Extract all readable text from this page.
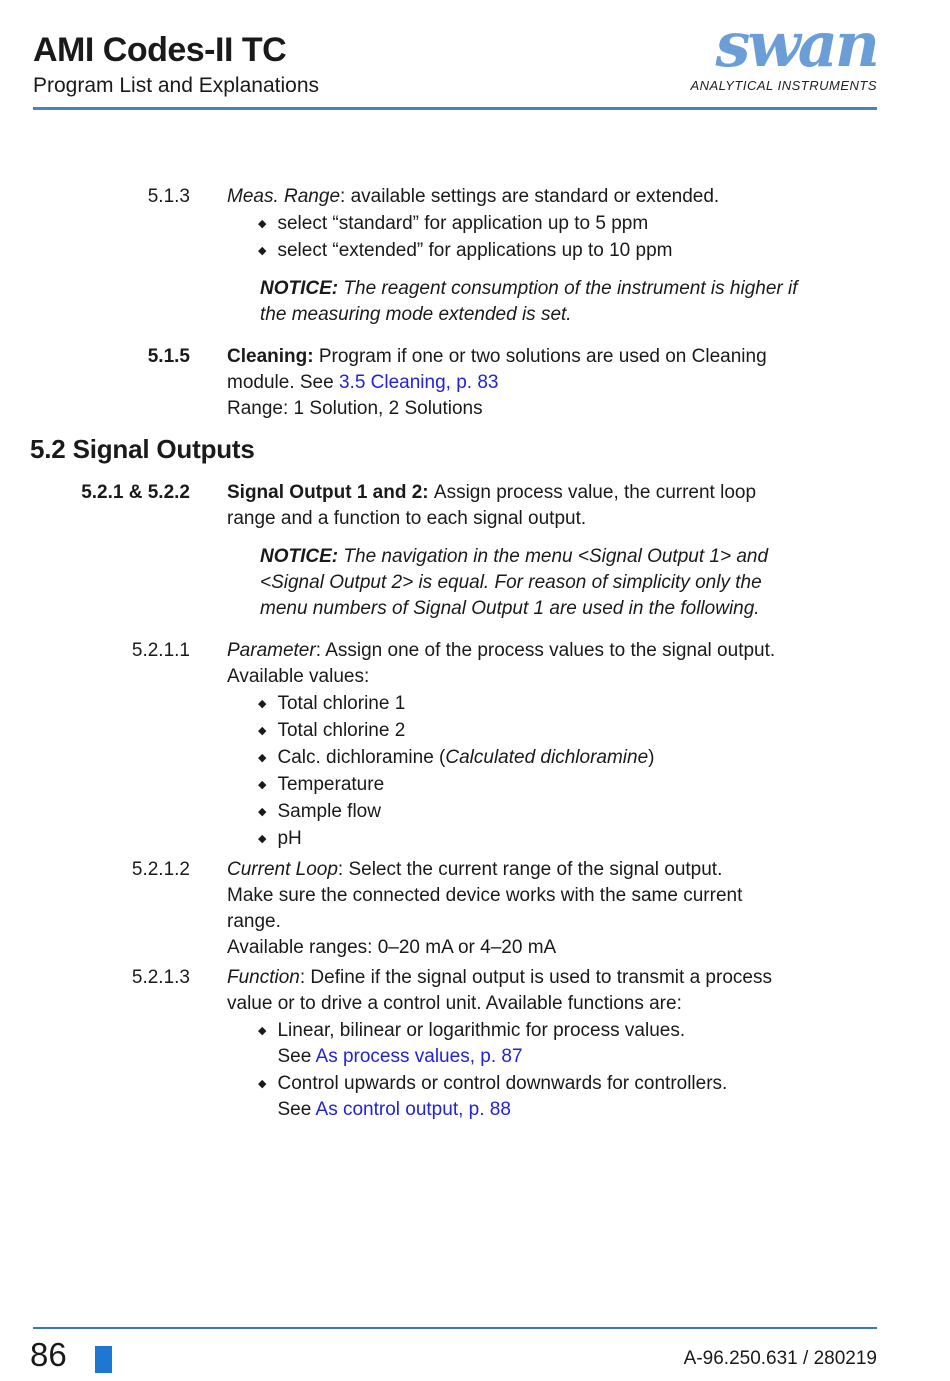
AMI Codes-II TC
Program List and Explanations
swan
ANALYTICAL INSTRUMENTS
5.1.3 Meas. Range: available settings are standard or extended.
◆ select “standard” for application up to 5 ppm
◆ select “extended” for applications up to 10 ppm
NOTICE: The reagent consumption of the instrument is higher if
the measuring mode extended is set.
5.1.5 Cleaning: Program if one or two solutions are used on Cleaning
module. See 3.5 Cleaning, p. 83
Range: 1 Solution, 2 Solutions
5.2 Signal Outputs
5.2.1 & 5.2.2 Signal Output 1 and 2: Assign process value, the current loop
range and a function to each signal output.
NOTICE: The navigation in the menu <Signal Output 1> and
<Signal Output 2> is equal. For reason of simplicity only the
menu numbers of Signal Output 1 are used in the following.
5.2.1.1 Parameter: Assign one of the process values to the signal output.
Available values:
◆ Total chlorine 1
◆ Total chlorine 2
◆ Calc. dichloramine (Calculated dichloramine)
◆ Temperature
◆ Sample flow
◆ pH
5.2.1.2 Current Loop: Select the current range of the signal output.
Make sure the connected device works with the same current
range.
Available ranges: 0–20 mA or 4–20 mA
5.2.1.3 Function: Define if the signal output is used to transmit a process
value or to drive a control unit. Available functions are:
◆ Linear, bilinear or logarithmic for process values.
See As process values, p. 87
◆ Control upwards or control downwards for controllers.
See As control output, p. 88
86	A-96.250.631 / 280219
